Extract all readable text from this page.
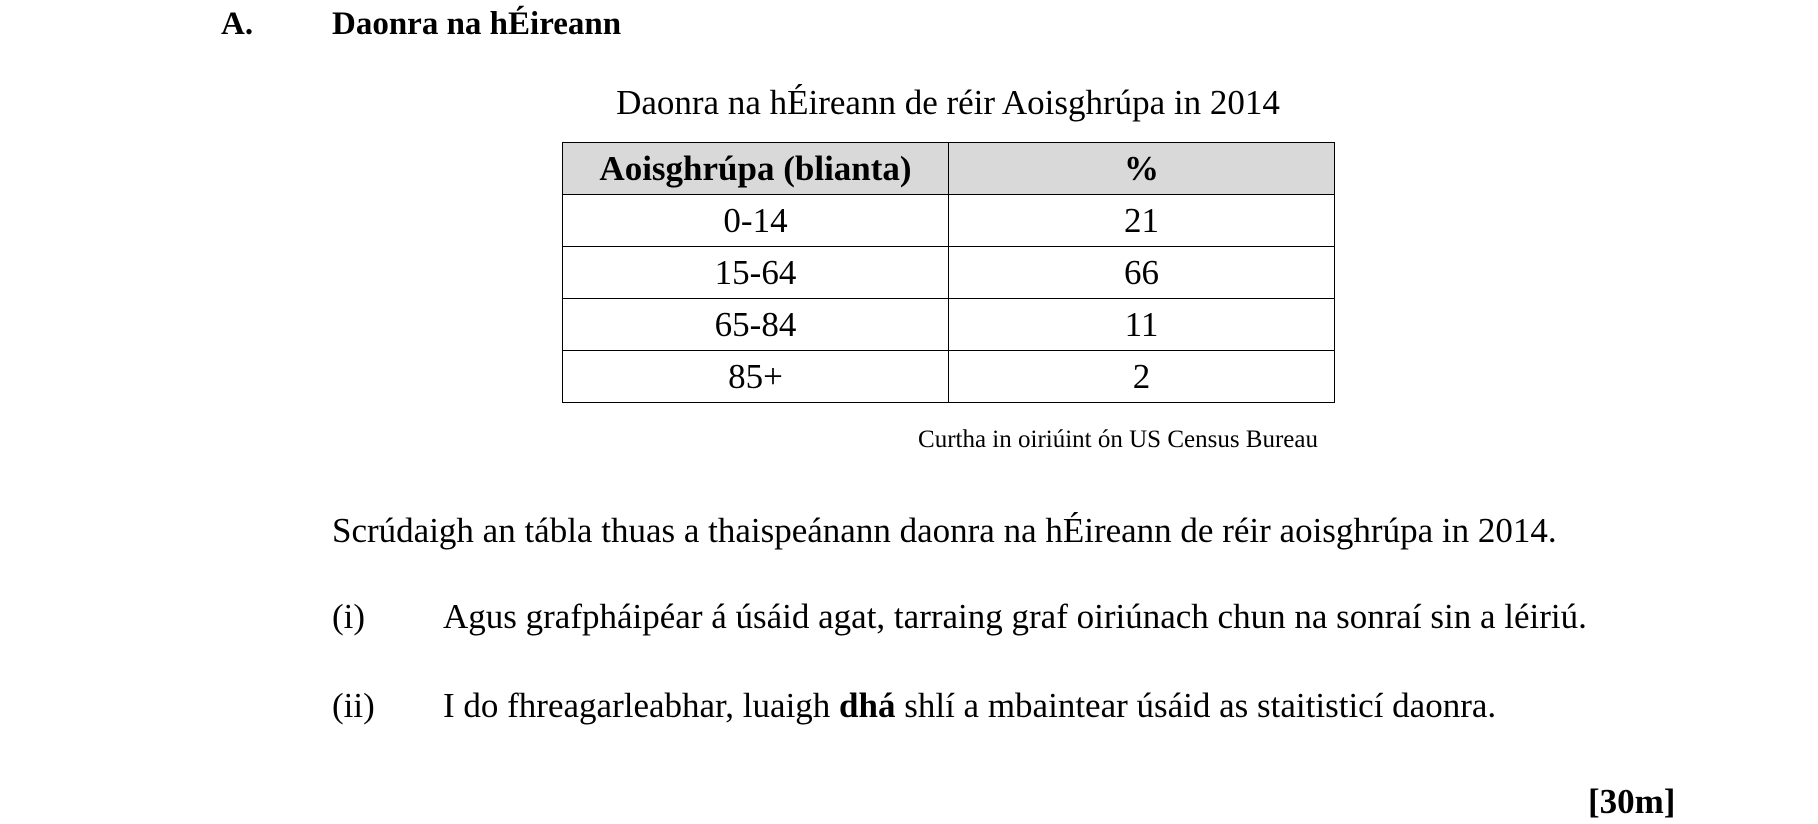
A. Daonra na hÉireann
Daonra na hÉireann de réir Aoisghrúpa in 2014
Aoisghrúpa (blianta)	%
0-14	21
15-64	66
65-84	11
85+	2
Curtha in oiriúint ón US Census Bureau
Scrúdaigh an tábla thuas a thaispeánann daonra na hÉireann de réir aoisghrúpa in 2014.
(i) Agus grafpháipéar á úsáid agat, tarraing graf oiriúnach chun na sonraí sin a léiriú.
(ii) I do fhreagarleabhar, luaigh dhá shlí a mbaintear úsáid as staitisticí daonra.
[30m]
